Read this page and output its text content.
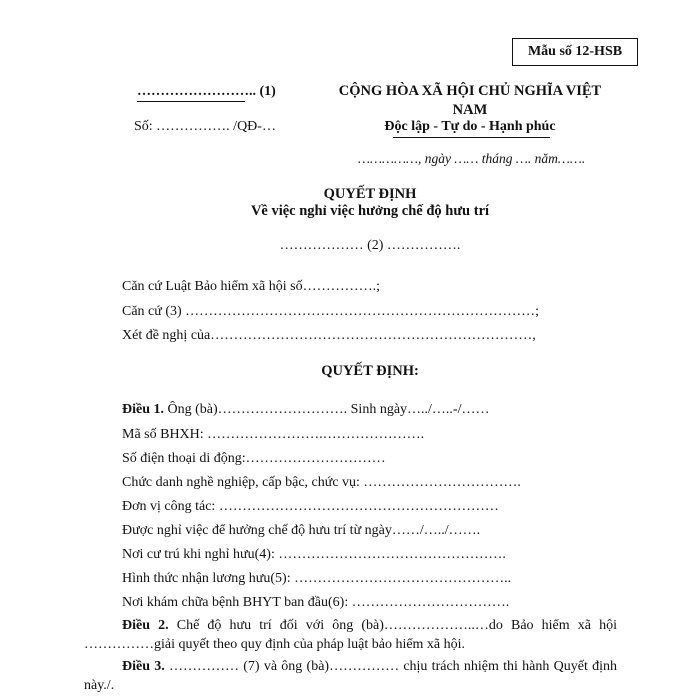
Mẫu số 12-HSB
…………………….. (1)
Số: ……………. /QĐ-…
CỘNG HÒA XÃ HỘI CHỦ NGHĨA VIỆT NAM
Độc lập - Tự do - Hạnh phúc
……………, ngày …… tháng …. năm…….
QUYẾT ĐỊNH
Về việc nghỉ việc hưởng chế độ hưu trí
……………… (2) …………….
Căn cứ Luật Bảo hiểm xã hội số…………….;
Căn cứ (3) …………………………………………………………………;
Xét đề nghị của……………………………………………………………,
QUYẾT ĐỊNH:
Điều 1. Ông (bà)………………………. Sinh ngày…../…..-/……
Mã số BHXH: …………………….………………….
Số điện thoại di động:…………………………
Chức danh nghề nghiệp, cấp bậc, chức vụ: …………………………….
Đơn vị công tác: ……………………………………………………
Được nghỉ việc để hưởng chế độ hưu trí từ ngày……/…../…….
Nơi cư trú khi nghỉ hưu(4): ………………………………………….
Hình thức nhận lương hưu(5): ………………………………………..
Nơi khám chữa bệnh BHYT ban đầu(6): …………………………….
Điều 2. Chế độ hưu trí đối với ông (bà)………………..…do Bảo hiểm xã hội ……………giải quyết theo quy định của pháp luật bảo hiểm xã hội.
Điều 3. …………… (7) và ông (bà)…………… chịu trách nhiệm thi hành Quyết định này./.
